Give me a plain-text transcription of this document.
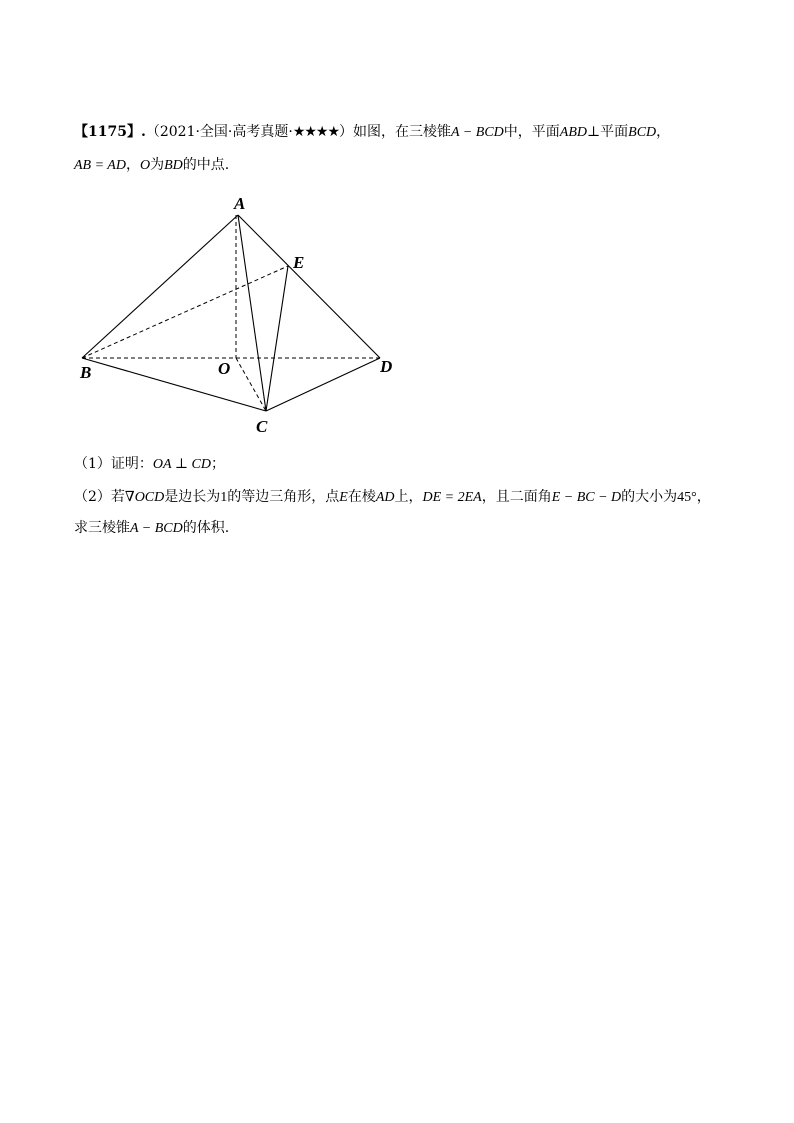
【1175】.（2021·全国·高考真题·★★★★）如图，在三棱锥A − BCD中，平面ABD⊥平面BCD，
AB = AD，O为BD的中点.
A
E
B	O	D
C
（1）证明：OA ⊥ CD；
（2）若∇OCD是边长为1的等边三角形，点E在棱AD上，DE = 2EA，且二面角E − BC − D的大小为45°，
求三棱锥A − BCD的体积.
